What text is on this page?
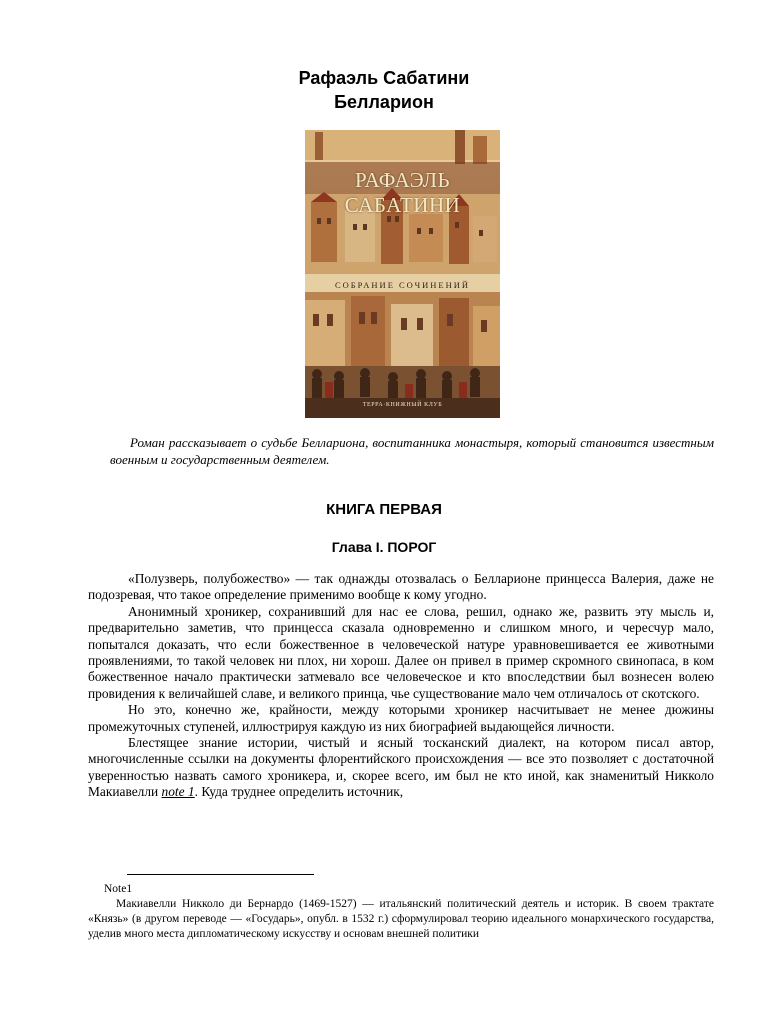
Рафаэль Сабатини
Белларион
РАФАЭЛЬ САБАТИНИ
СОБРАНИЕ СОЧИНЕНИЙ
ТЕРРА·КНИЖНЫЙ КЛУБ

Роман рассказывает о судьбе Беллариона, воспитанника монастыря, который становится известным военным и государственным деятелем.

КНИГА ПЕРВАЯ
Глава I. ПОРОГ

«Полузверь, полубожество» — так однажды отозвалась о Белларионе принцесса Валерия, даже не подозревая, что такое определение применимо вообще к кому угодно.

Анонимный хроникер, сохранивший для нас ее слова, решил, однако же, развить эту мысль и, предварительно заметив, что принцесса сказала одновременно и слишком много, и чересчур мало, попытался доказать, что если божественное в человеческой натуре уравновешивается ее животными проявлениями, то такой человек ни плох, ни хорош. Далее он привел в пример скромного свинопаса, в ком божественное начало практически затмевало все человеческое и кто впоследствии был вознесен волею провидения к величайшей славе, и великого принца, чье существование мало чем отличалось от скотского.

Но это, конечно же, крайности, между которыми хроникер насчитывает не менее дюжины промежуточных ступеней, иллюстрируя каждую из них биографией выдающейся личности.

Блестящее знание истории, чистый и ясный тосканский диалект, на котором писал автор, многочисленные ссылки на документы флорентийского происхождения — все это позволяет с достаточной уверенностью назвать самого хроникера, и, скорее всего, им был не кто иной, как знаменитый Никколо Макиавелли note 1. Куда труднее определить источник,

Note1

Макиавелли Никколо ди Бернардо (1469-1527) — итальянский политический деятель и историк. В своем трактате «Князь» (в другом переводе — «Государь», опубл. в 1532 г.) сформулировал теорию идеального монархического государства, уделив много места дипломатическому искусству и основам внешней политики
